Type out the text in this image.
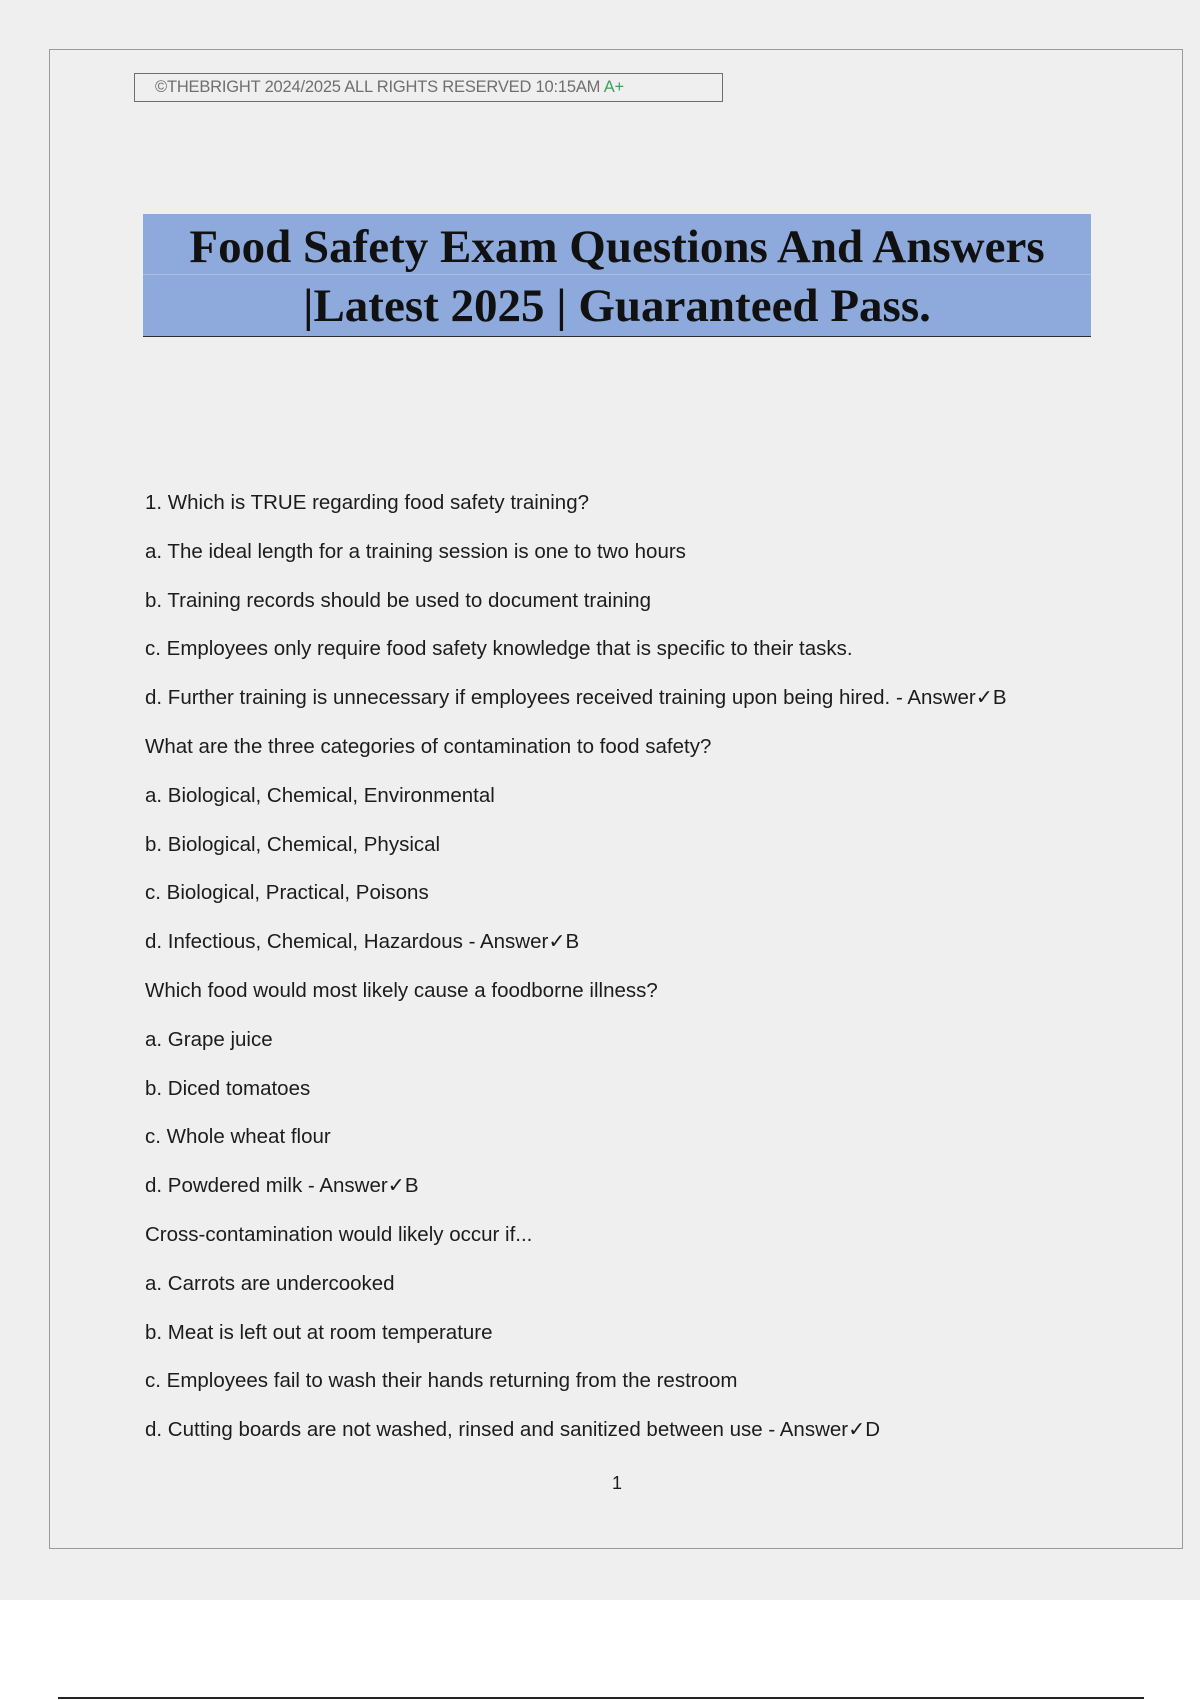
©THEBRIGHT 2024/2025 ALL RIGHTS RESERVED 10:15AM A+
Food Safety Exam Questions And Answers
|Latest 2025 | Guaranteed Pass.
1. Which is TRUE regarding food safety training?
a. The ideal length for a training session is one to two hours
b. Training records should be used to document training
c. Employees only require food safety knowledge that is specific to their tasks.
d. Further training is unnecessary if employees received training upon being hired. - Answer✓B
What are the three categories of contamination to food safety?
a. Biological, Chemical, Environmental
b. Biological, Chemical, Physical
c. Biological, Practical, Poisons
d. Infectious, Chemical, Hazardous - Answer✓B
Which food would most likely cause a foodborne illness?
a. Grape juice
b. Diced tomatoes
c. Whole wheat flour
d. Powdered milk - Answer✓B
Cross-contamination would likely occur if...
a. Carrots are undercooked
b. Meat is left out at room temperature
c. Employees fail to wash their hands returning from the restroom
d. Cutting boards are not washed, rinsed and sanitized between use - Answer✓D
1
